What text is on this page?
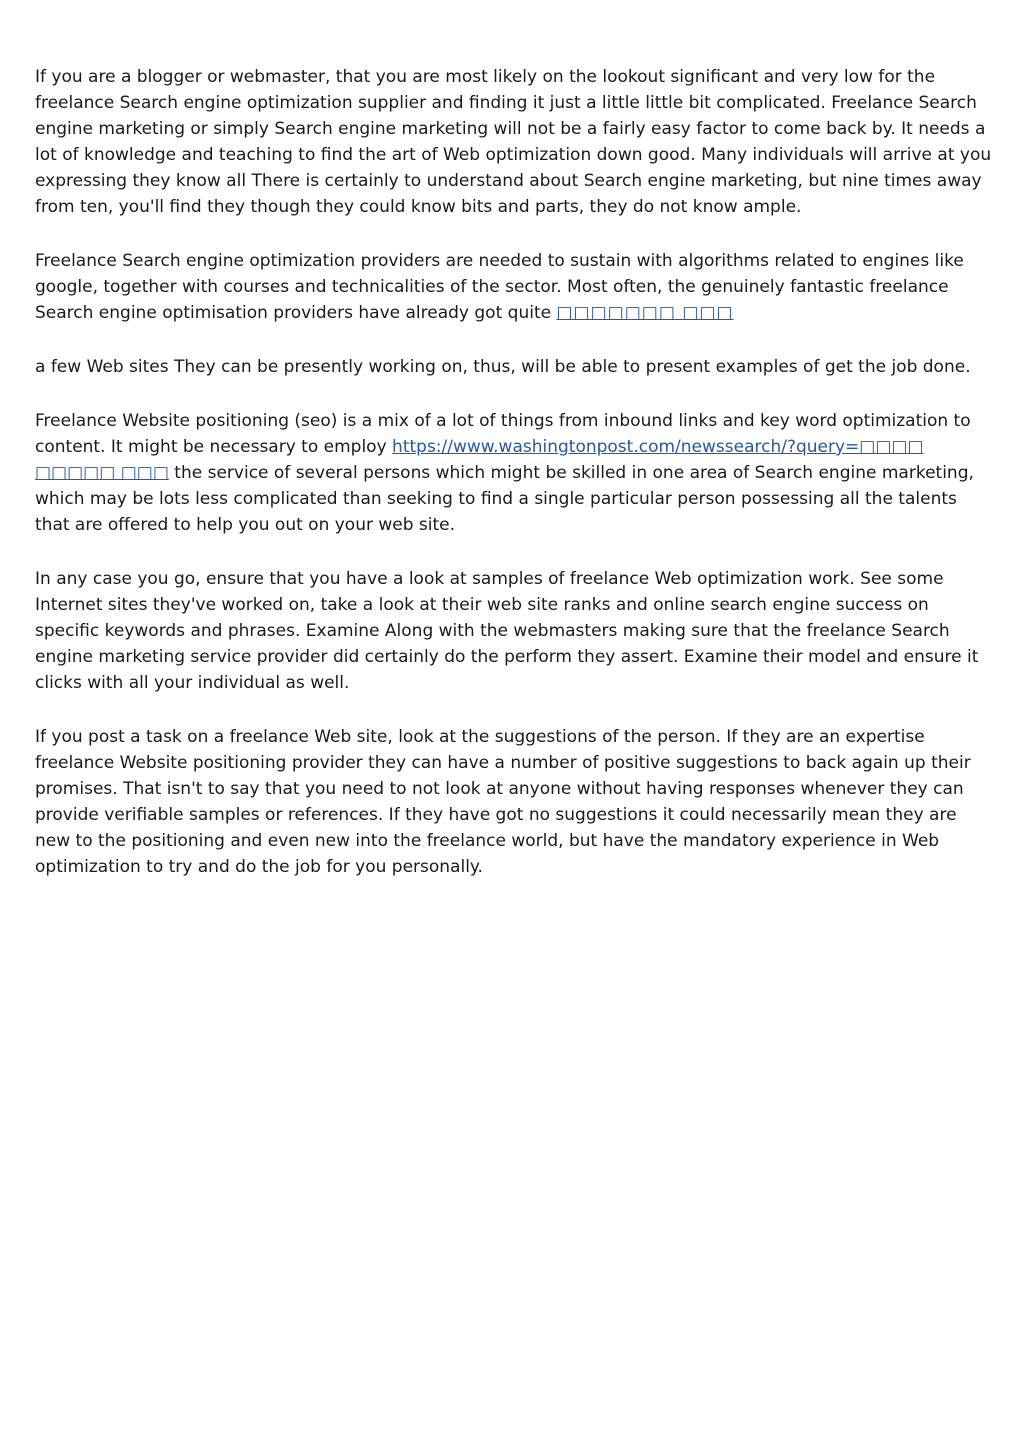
If you are a blogger or webmaster, that you are most likely on the lookout significant and very low for the freelance Search engine optimization supplier and finding it just a little little bit complicated. Freelance Search engine marketing or simply Search engine marketing will not be a fairly easy factor to come back by. It needs a lot of knowledge and teaching to find the art of Web optimization down good. Many individuals will arrive at you expressing they know all There is certainly to understand about Search engine marketing, but nine times away from ten, you'll find they though they could know bits and parts, they do not know ample.

Freelance Search engine optimization providers are needed to sustain with algorithms related to engines like google, together with courses and technicalities of the sector. Most often, the genuinely fantastic freelance Search engine optimisation providers have already got quite □□□□□□□ □□□

a few Web sites They can be presently working on, thus, will be able to present examples of get the job done.

Freelance Website positioning (seo) is a mix of a lot of things from inbound links and key word optimization to content. It might be necessary to employ https://www.washingtonpost.com/newssearch/?query=□□□□ □□□□□ □□□ the service of several persons which might be skilled in one area of Search engine marketing, which may be lots less complicated than seeking to find a single particular person possessing all the talents that are offered to help you out on your web site.

In any case you go, ensure that you have a look at samples of freelance Web optimization work. See some Internet sites they've worked on, take a look at their web site ranks and online search engine success on specific keywords and phrases. Examine Along with the webmasters making sure that the freelance Search engine marketing service provider did certainly do the perform they assert. Examine their model and ensure it clicks with all your individual as well.

If you post a task on a freelance Web site, look at the suggestions of the person. If they are an expertise freelance Website positioning provider they can have a number of positive suggestions to back again up their promises. That isn't to say that you need to not look at anyone without having responses whenever they can provide verifiable samples or references. If they have got no suggestions it could necessarily mean they are new to the positioning and even new into the freelance world, but have the mandatory experience in Web optimization to try and do the job for you personally.
